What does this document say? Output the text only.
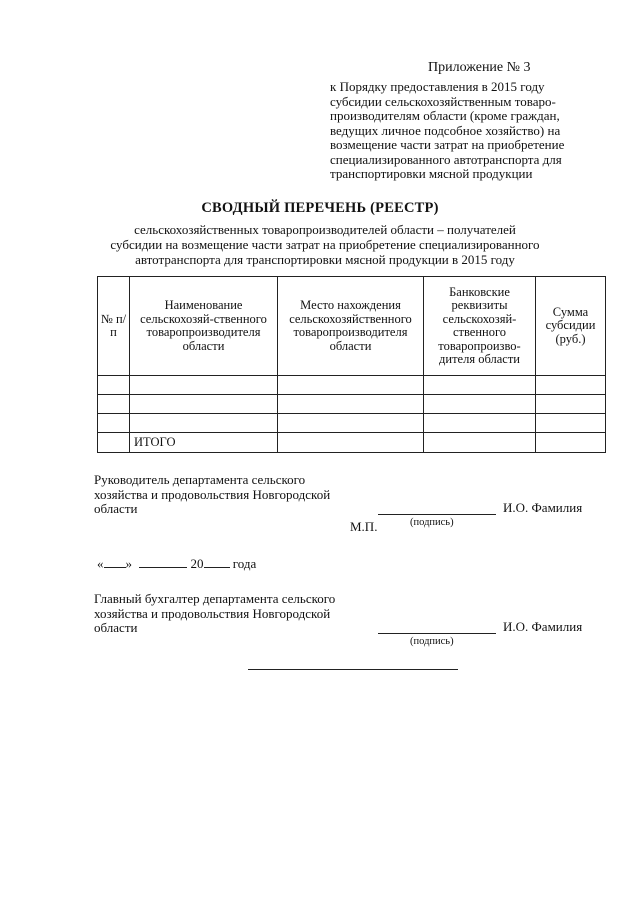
Приложение № 3
к Порядку предоставления в 2015 году
субсидии сельскохозяйственным товаро-
производителям области (кроме граждан,
ведущих личное подсобное хозяйство) на
возмещение части затрат на приобретение
специализированного автотранспорта для
транспортировки мясной продукции
СВОДНЫЙ ПЕРЕЧЕНЬ (РЕЕСТР)
сельскохозяйственных товаропроизводителей области – получателей
субсидии на возмещение части затрат на приобретение специализированного
автотранспорта для транспортировки мясной продукции в 2015 году
№ п/п	Наименование сельскохозяй-ственного товаропроизводителя области	Место нахождения сельскохозяйственного товаропроизводителя области	Банковские реквизиты сельскохозяй-ственного товаропроизво-дителя области	Сумма субсидии (руб.)

	ИТОГО			
Руководитель департамента сельского
хозяйства и продовольствия Новгородской
области	И.О. Фамилия
(подпись)
М.П.
« »	20 года
Главный бухгалтер департамента сельского
хозяйства и продовольствия Новгородской
области	И.О. Фамилия
(подпись)
